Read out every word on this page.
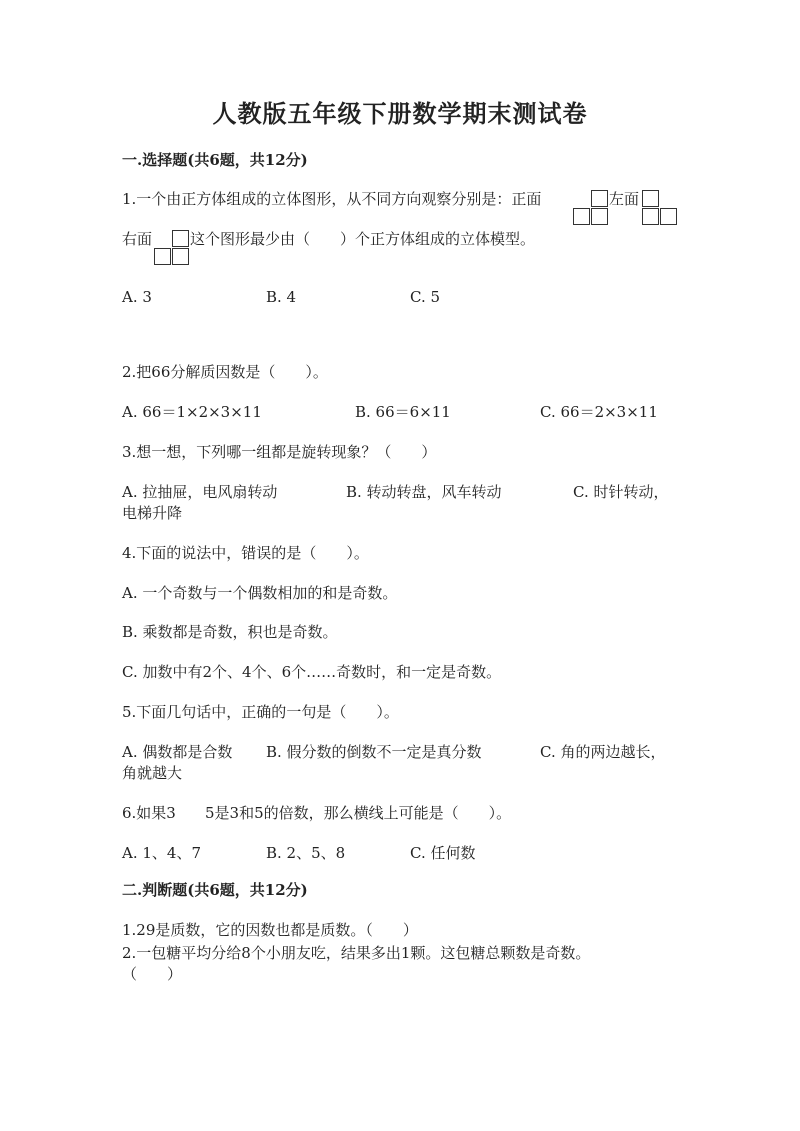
人教版五年级下册数学期末测试卷
一.选择题(共6题，共12分)
1.一个由正方体组成的立体图形，从不同方向观察分别是：正面	左面
右面	这个图形最少由（　　）个正方体组成的立体模型。
A. 3	B. 4	C. 5
2.把66分解质因数是（　　）。
A. 66＝1×2×3×11	B. 66＝6×11	C. 66＝2×3×11
3.想一想，下列哪一组都是旋转现象？（　　）
A. 拉抽屉，电风扇转动	B. 转动转盘，风车转动	C. 时针转动，
电梯升降
4.下面的说法中，错误的是（　　）。
A. 一个奇数与一个偶数相加的和是奇数。
B. 乘数都是奇数，积也是奇数。
C. 加数中有2个、4个、6个……奇数时，和一定是奇数。
5.下面几句话中，正确的一句是（　　）。
A. 偶数都是合数 B. 假分数的倒数不一定是真分数	C. 角的两边越长，
角就越大
6.如果3 5是3和5的倍数，那么横线上可能是（　　）。
A. 1、4、7	B. 2、5、8	C. 任何数
二.判断题(共6题，共12分)
1.29是质数，它的因数也都是质数。（　　）
2.一包糖平均分给8个小朋友吃，结果多出1颗。这包糖总颗数是奇数。
（　　）
